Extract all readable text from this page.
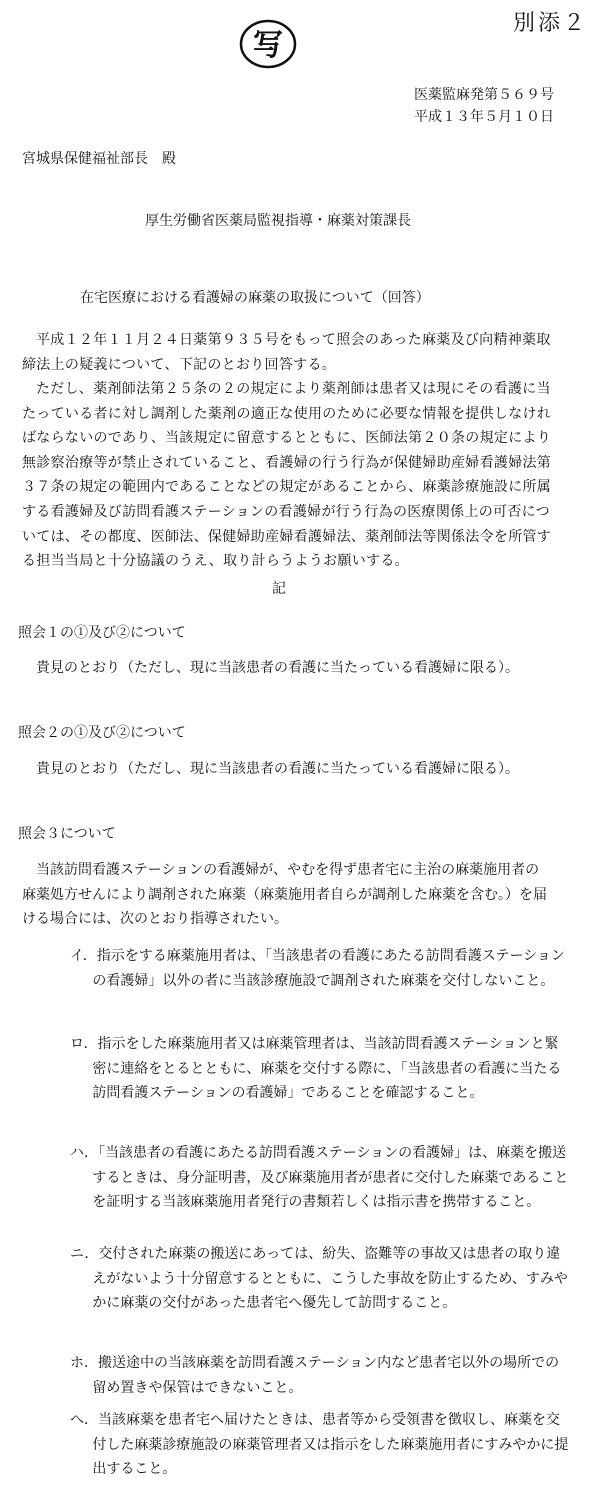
別添２
写
医薬監麻発第５６９号
平成１３年５月１０日
宮城県保健福祉部長　殿
厚生労働省医薬局監視指導・麻薬対策課長
在宅医療における看護婦の麻薬の取扱について（回答）
平成１２年１１月２４日薬第９３５号をもって照会のあった麻薬及び向精神薬取締法上の疑義について、下記のとおり回答する。
ただし、薬剤師法第２５条の２の規定により薬剤師は患者又は現にその看護に当たっている者に対し調剤した薬剤の適正な使用のために必要な情報を提供しなければならないのであり、当該規定に留意するとともに、医師法第２０条の規定により無診察治療等が禁止されていること、看護婦の行う行為が保健婦助産婦看護婦法第３７条の規定の範囲内であることなどの規定があることから、麻薬診療施設に所属する看護婦及び訪問看護ステーションの看護婦が行う行為の医療関係上の可否については、その都度、医師法、保健婦助産婦看護婦法、薬剤師法等関係法令を所管する担当当局と十分協議のうえ、取り計らうようお願いする。
記
照会１の①及び②について
貴見のとおり（ただし、現に当該患者の看護に当たっている看護婦に限る）。
照会２の①及び②について
貴見のとおり（ただし、現に当該患者の看護に当たっている看護婦に限る）。
照会３について
当該訪問看護ステーションの看護婦が、やむを得ず患者宅に主治の麻薬施用者の麻薬処方せんにより調剤された麻薬（麻薬施用者自らが調剤した麻薬を含む。）を届ける場合には、次のとおり指導されたい。
イ．指示をする麻薬施用者は、「当該患者の看護にあたる訪問看護ステーションの看護婦」以外の者に当該診療施設で調剤された麻薬を交付しないこと。
ロ．指示をした麻薬施用者又は麻薬管理者は、当該訪問看護ステーションと緊密に連絡をとるとともに、麻薬を交付する際に、「当該患者の看護に当たる訪問看護ステーションの看護婦」であることを確認すること。
ハ．「当該患者の看護にあたる訪問看護ステーションの看護婦」は、麻薬を搬送するときは、身分証明書，及び麻薬施用者が患者に交付した麻薬であることを証明する当該麻薬施用者発行の書類若しくは指示書を携帯すること。
ニ．交付された麻薬の搬送にあっては、紛失、盗難等の事故又は患者の取り違えがないよう十分留意するとともに、こうした事故を防止するため、すみやかに麻薬の交付があった患者宅へ優先して訪問すること。
ホ．搬送途中の当該麻薬を訪問看護ステーション内など患者宅以外の場所での留め置きや保管はできないこと。
へ．当該麻薬を患者宅へ届けたときは、患者等から受領書を徴収し、麻薬を交付した麻薬診療施設の麻薬管理者又は指示をした麻薬施用者にすみやかに提出すること。
